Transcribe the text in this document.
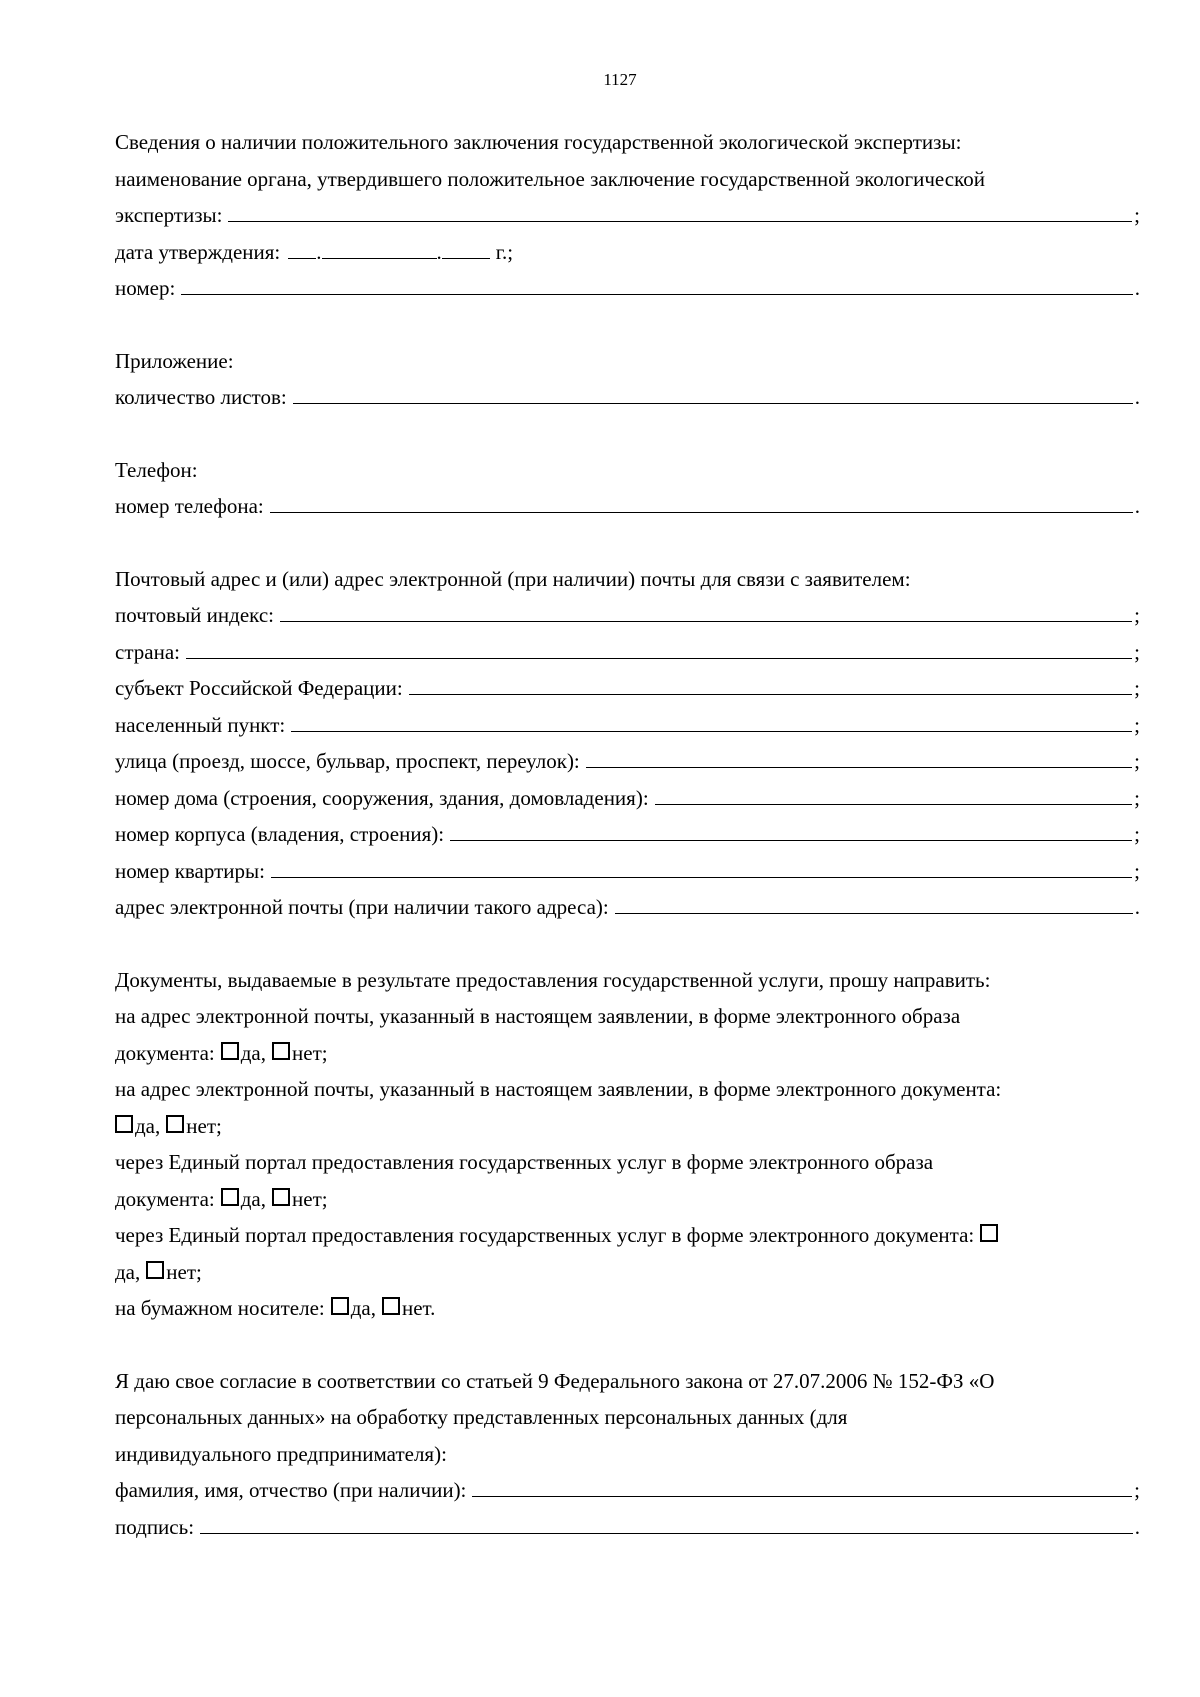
1127
Сведения о наличии положительного заключения государственной экологической экспертизы:
наименование органа, утвердившего положительное заключение государственной экологической
экспертизы:	;
дата утверждения: .	.	г.;
номер:	.
Приложение:
количество листов:	.
Телефон:
номер телефона:	.
Почтовый адрес и (или) адрес электронной (при наличии) почты для связи с заявителем:
почтовый индекс:	;
страна:	;
субъект Российской Федерации:	;
населенный пункт:	;
улица (проезд, шоссе, бульвар, проспект, переулок):	;
номер дома (строения, сооружения, здания, домовладения):	;
номер корпуса (владения, строения):	;
номер квартиры:	;
адрес электронной почты (при наличии такого адреса):	.
Документы, выдаваемые в результате предоставления государственной услуги, прошу направить:
на адрес электронной почты, указанный в настоящем заявлении, в форме электронного образа
документа: да, нет;
на адрес электронной почты, указанный в настоящем заявлении, в форме электронного документа:
да, нет;
через Единый портал предоставления государственных услуг в форме электронного образа
документа: да, нет;
через Единый портал предоставления государственных услуг в форме электронного документа:
да, нет;
на бумажном носителе: да, нет.
Я даю свое согласие в соответствии со статьей 9 Федерального закона от 27.07.2006 № 152-ФЗ «О
персональных данных» на обработку представленных персональных данных (для
индивидуального предпринимателя):
фамилия, имя, отчество (при наличии):	;
подпись:	.
